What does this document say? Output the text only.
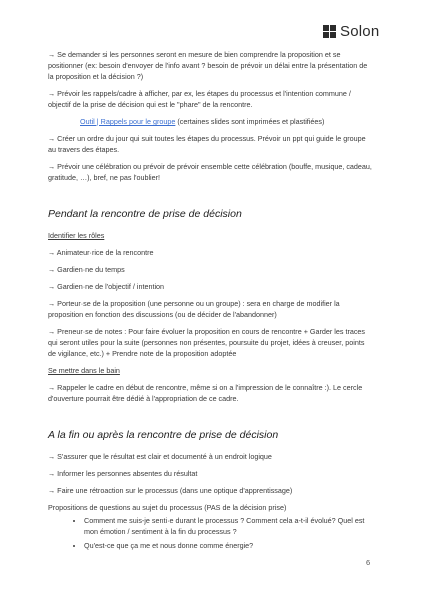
Solon

→ Se demander si les personnes seront en mesure de bien comprendre la proposition et se positionner (ex: besoin d'envoyer de l'info avant ? besoin de prévoir un délai entre la présentation de la proposition et la décision ?)

→ Prévoir les rappels/cadre à afficher, par ex, les étapes du processus et l'intention commune / objectif de la prise de décision qui est le "phare" de la rencontre.

Outil | Rappels pour le groupe (certaines slides sont imprimées et plastifiées)

→ Créer un ordre du jour qui suit toutes les étapes du processus. Prévoir un ppt qui guide le groupe au travers des étapes.

→ Prévoir une célébration ou prévoir de prévoir ensemble cette célébration (bouffe, musique, cadeau, gratitude, …), bref, ne pas l'oublier!

Pendant la rencontre de prise de décision

Identifier les rôles

→ Animateur·rice de la rencontre

→ Gardien·ne du temps

→ Gardien·ne de l'objectif / intention

→ Porteur·se de la proposition (une personne ou un groupe) : sera en charge de modifier la proposition en fonction des discussions (ou de décider de l'abandonner)

→ Preneur·se de notes : Pour faire évoluer la proposition en cours de rencontre + Garder les traces qui seront utiles pour la suite (personnes non présentes, poursuite du projet, idées à creuser, points de vigilance, etc.) + Prendre note de la proposition adoptée

Se mettre dans le bain

→ Rappeler le cadre en début de rencontre, même si on a l'impression de le connaître :). Le cercle d'ouverture pourrait être dédié à l'appropriation de ce cadre.

A la fin ou après la rencontre de prise de décision

→ S'assurer que le résultat est clair et documenté à un endroit logique

→ Informer les personnes absentes du résultat

→ Faire une rétroaction sur le processus (dans une optique d'apprentissage)

Propositions de questions au sujet du processus (PAS de la décision prise)

• Comment me suis-je senti·e durant le processus ? Comment cela a-t-il évolué? Quel est mon émotion / sentiment à la fin du processus ?
• Qu'est-ce que ça me et nous donne comme énergie?
6
